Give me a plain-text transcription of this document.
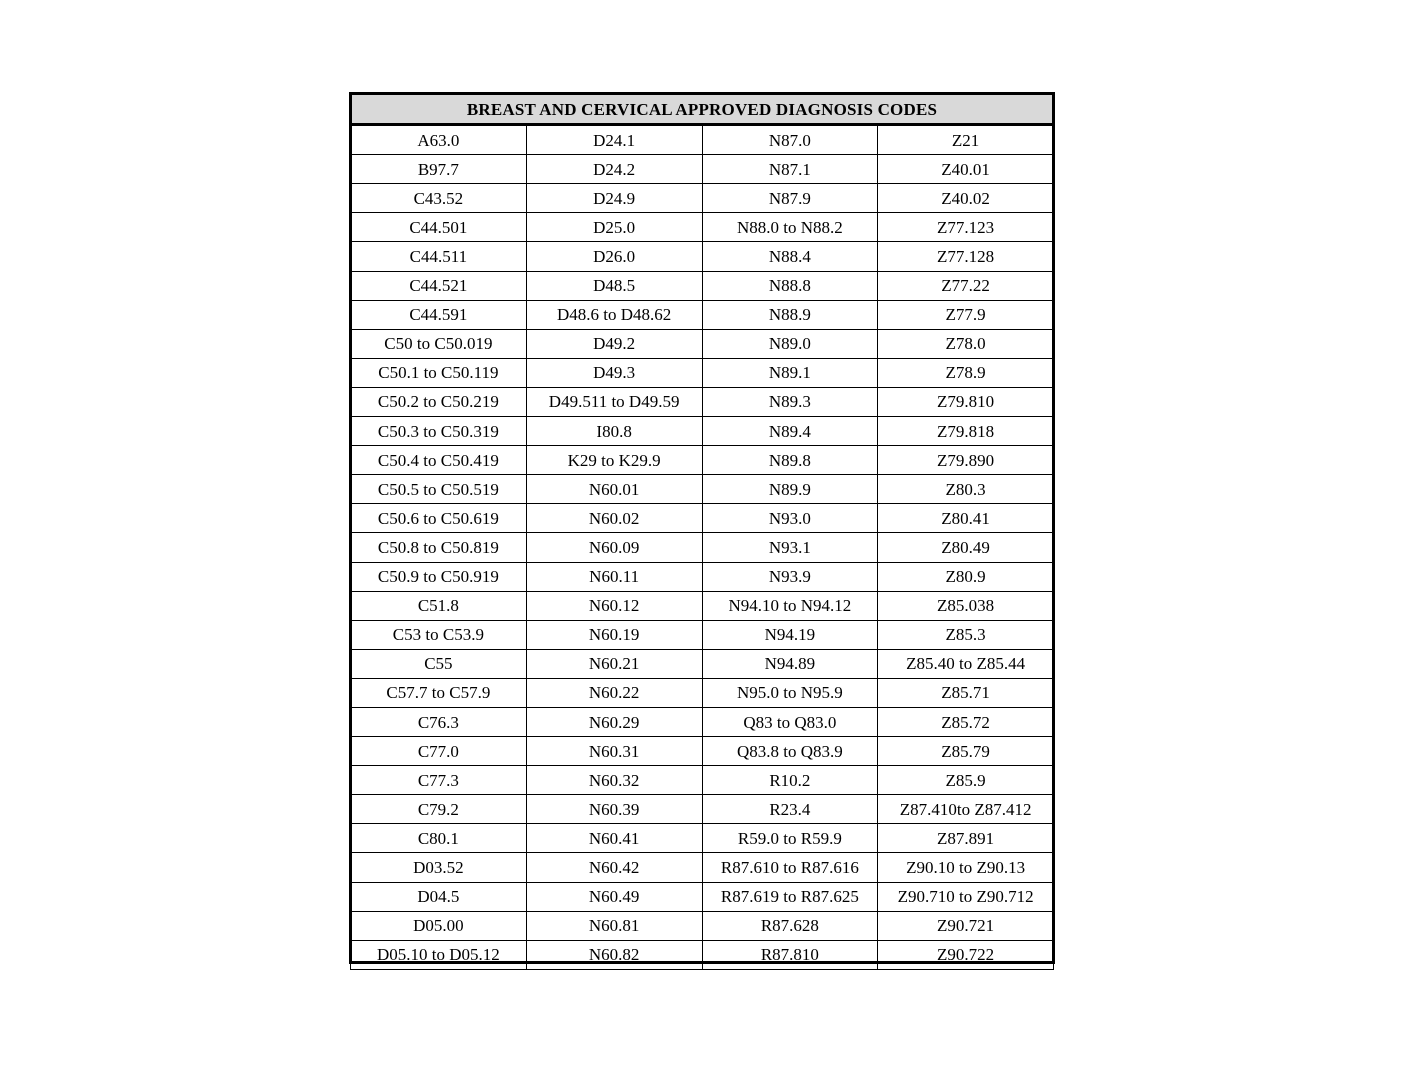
BREAST AND CERVICAL APPROVED DIAGNOSIS CODES			
A63.0	D24.1	N87.0	Z21
B97.7	D24.2	N87.1	Z40.01
C43.52	D24.9	N87.9	Z40.02
C44.501	D25.0	N88.0 to N88.2	Z77.123
C44.511	D26.0	N88.4	Z77.128
C44.521	D48.5	N88.8	Z77.22
C44.591	D48.6 to D48.62	N88.9	Z77.9
C50 to C50.019	D49.2	N89.0	Z78.0
C50.1 to C50.119	D49.3	N89.1	Z78.9
C50.2 to C50.219	D49.511 to D49.59	N89.3	Z79.810
C50.3 to C50.319	I80.8	N89.4	Z79.818
C50.4 to C50.419	K29 to K29.9	N89.8	Z79.890
C50.5 to C50.519	N60.01	N89.9	Z80.3
C50.6 to C50.619	N60.02	N93.0	Z80.41
C50.8 to C50.819	N60.09	N93.1	Z80.49
C50.9 to C50.919	N60.11	N93.9	Z80.9
C51.8	N60.12	N94.10 to N94.12	Z85.038
C53 to C53.9	N60.19	N94.19	Z85.3
C55	N60.21	N94.89	Z85.40 to Z85.44
C57.7 to C57.9	N60.22	N95.0 to N95.9	Z85.71
C76.3	N60.29	Q83 to Q83.0	Z85.72
C77.0	N60.31	Q83.8 to Q83.9	Z85.79
C77.3	N60.32	R10.2	Z85.9
C79.2	N60.39	R23.4	Z87.410to Z87.412
C80.1	N60.41	R59.0 to R59.9	Z87.891
D03.52	N60.42	R87.610 to R87.616	Z90.10 to Z90.13
D04.5	N60.49	R87.619 to R87.625	Z90.710 to Z90.712
D05.00	N60.81	R87.628	Z90.721
D05.10 to D05.12	N60.82	R87.810	Z90.722
